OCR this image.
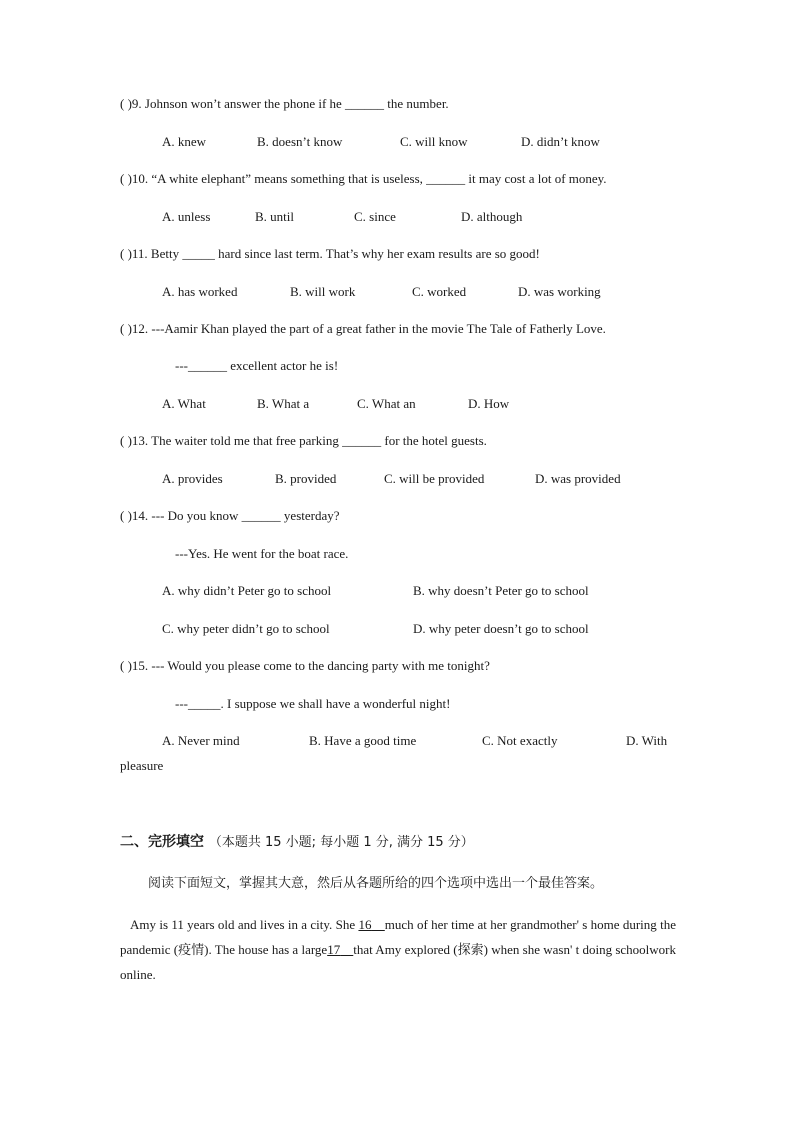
( )9. Johnson won’t answer the phone if he ______ the number.
A. knew	B. doesn’t know	C. will know	D. didn’t know
( )10. “A white elephant” means something that is useless, ______ it may cost a lot of money.
A. unless	B. until	C. since	D. although
( )11. Betty _____ hard since last term. That’s why her exam results are so good!
A. has worked	B. will work	C. worked	D. was working
( )12. ---Aamir Khan played the part of a great father in the movie The Tale of Fatherly Love.
---______ excellent actor he is!
A. What	B. What a	C. What an	D. How
( )13. The waiter told me that free parking ______ for the hotel guests.
A. provides	B. provided	C. will be provided	D. was provided
( )14. --- Do you know ______ yesterday?
---Yes. He went for the boat race.
A. why didn’t Peter go to school	B. why doesn’t Peter go to school
C. why peter didn’t go to school	D. why peter doesn’t go to school
( )15. --- Would you please come to the dancing party with me tonight?
---_____. I suppose we shall have a wonderful night!
A. Never mind	B. Have a good time	C. Not exactly	D. With
pleasure
二、完形填空 （本题共 15 小题; 每小题 1 分, 满分 15 分）
阅读下面短文，掌握其大意，然后从各题所给的四个选项中选出一个最佳答案。
Amy is 11 years old and lives in a city. She 16 much of her time at her grandmother' s home during the pandemic (疫情). The house has a large17 that Amy explored (探索) when she wasn' t doing schoolwork online.
